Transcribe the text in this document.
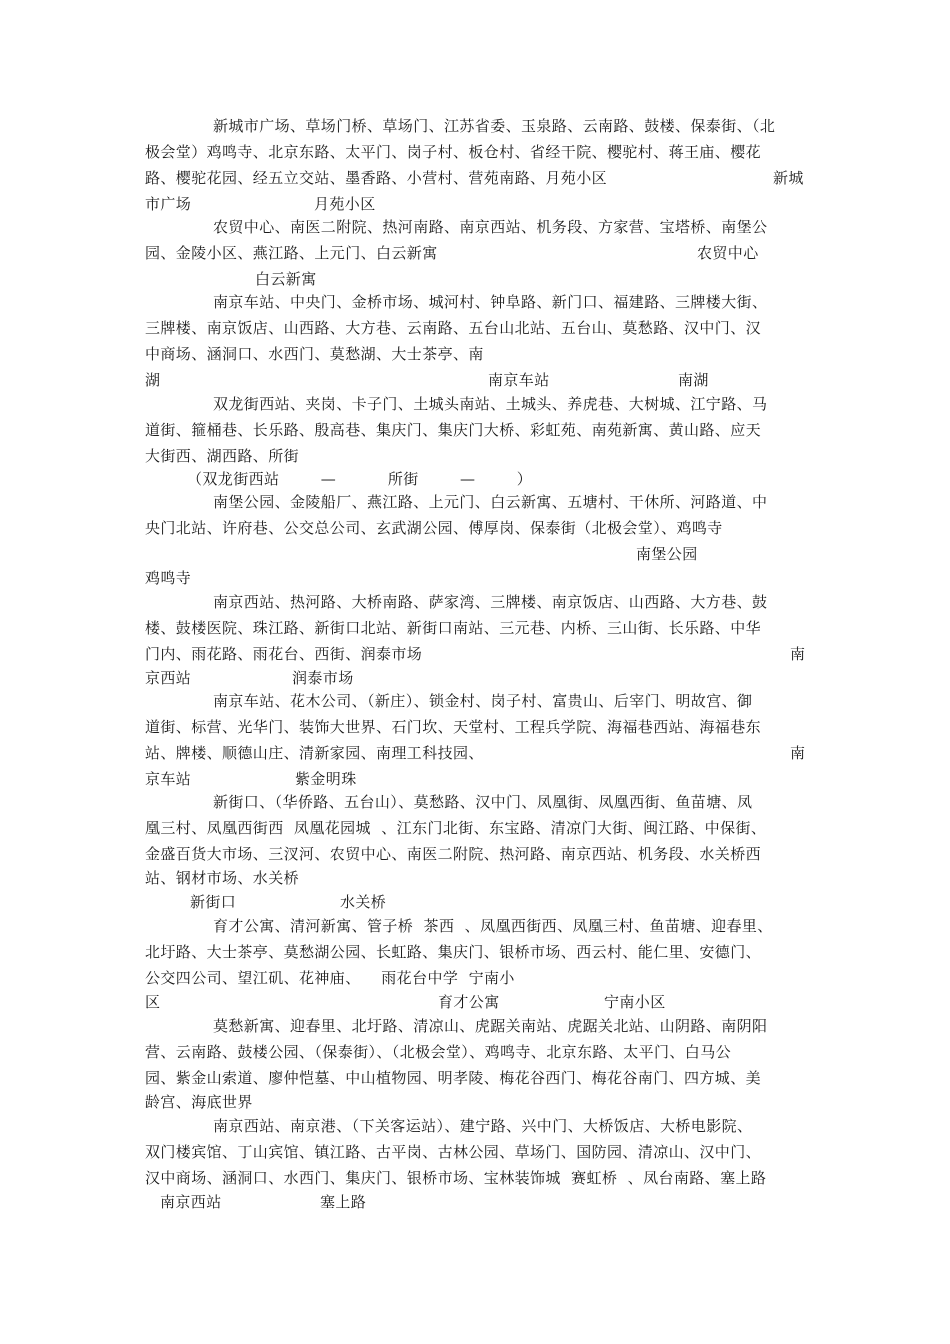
新城市广场、草场门桥、草场门、江苏省委、玉泉路、云南路、鼓楼、保泰街、（北
极会堂）鸡鸣寺、北京东路、太平门、岗子村、板仓村、省经干院、樱驼村、蒋王庙、樱花
路、樱驼花园、经五立交站、墨香路、小营村、营苑南路、月苑小区	新城
市广场	月苑小区
农贸中心、南医二附院、热河南路、南京西站、机务段、方家营、宝塔桥、南堡公
园、金陵小区、燕江路、上元门、白云新寓	农贸中心
白云新寓
南京车站、中央门、金桥市场、城河村、钟阜路、新门口、福建路、三牌楼大街、
三牌楼、南京饭店、山西路、大方巷、云南路、五台山北站、五台山、莫愁路、汉中门、汉
中商场、涵洞口、水西门、莫愁湖、大士茶亭、南
湖	南京车站	南湖
双龙街西站、夹岗、卡子门、土城头南站、土城头、养虎巷、大树城、江宁路、马
道街、箍桶巷、长乐路、殷高巷、集庆门、集庆门大桥、彩虹苑、南苑新寓、黄山路、应天
大街西、湖西路、所街
（双龙街西站        —          所街        —        ）
南堡公园、金陵船厂、燕江路、上元门、白云新寓、五塘村、干休所、河路道、中
央门北站、许府巷、公交总公司、玄武湖公园、傅厚岗、保泰街（北极会堂）、鸡鸣寺
南堡公园
鸡鸣寺
南京西站、热河路、大桥南路、萨家湾、三牌楼、南京饭店、山西路、大方巷、鼓
楼、鼓楼医院、珠江路、新街口北站、新街口南站、三元巷、内桥、三山街、长乐路、中华
门内、雨花路、雨花台、西街、润泰市场	南
京西站	润泰市场
南京车站、花木公司、（新庄）、锁金村、岗子村、富贵山、后宰门、明故宫、御
道街、标营、光华门、装饰大世界、石门坎、天堂村、工程兵学院、海福巷西站、海福巷东
站、牌楼、顺德山庄、清新家园、南理工科技园、	南
京车站	紫金明珠
新街口、（华侨路、五台山）、莫愁路、汉中门、凤凰街、凤凰西街、鱼苗塘、凤
凰三村、凤凰西街西  凤凰花园城  、江东门北街、东宝路、清凉门大街、闽江路、中保街、
金盛百货大市场、三汊河、农贸中心、南医二附院、热河路、南京西站、机务段、水关桥西
站、钢材市场、水关桥
新街口	水关桥
育才公寓、清河新寓、管子桥  茶西  、凤凰西街西、凤凰三村、鱼苗塘、迎春里、
北圩路、大士茶亭、莫愁湖公园、长虹路、集庆门、银桥市场、西云村、能仁里、安德门、
公交四公司、望江矶、花神庙、    雨花台中学  宁南小
区	育才公寓	宁南小区
莫愁新寓、迎春里、北圩路、清凉山、虎踞关南站、虎踞关北站、山阴路、南阴阳
营、云南路、鼓楼公园、（保泰街）、（北极会堂）、鸡鸣寺、北京东路、太平门、白马公
园、紫金山索道、廖仲恺墓、中山植物园、明孝陵、梅花谷西门、梅花谷南门、四方城、美
龄宫、海底世界
南京西站、南京港、（下关客运站）、建宁路、兴中门、大桥饭店、大桥电影院、
双门楼宾馆、丁山宾馆、镇江路、古平岗、古林公园、草场门、国防园、清凉山、汉中门、
汉中商场、涵洞口、水西门、集庆门、银桥市场、宝林装饰城  赛虹桥  、凤台南路、塞上路
南京西站	塞上路
